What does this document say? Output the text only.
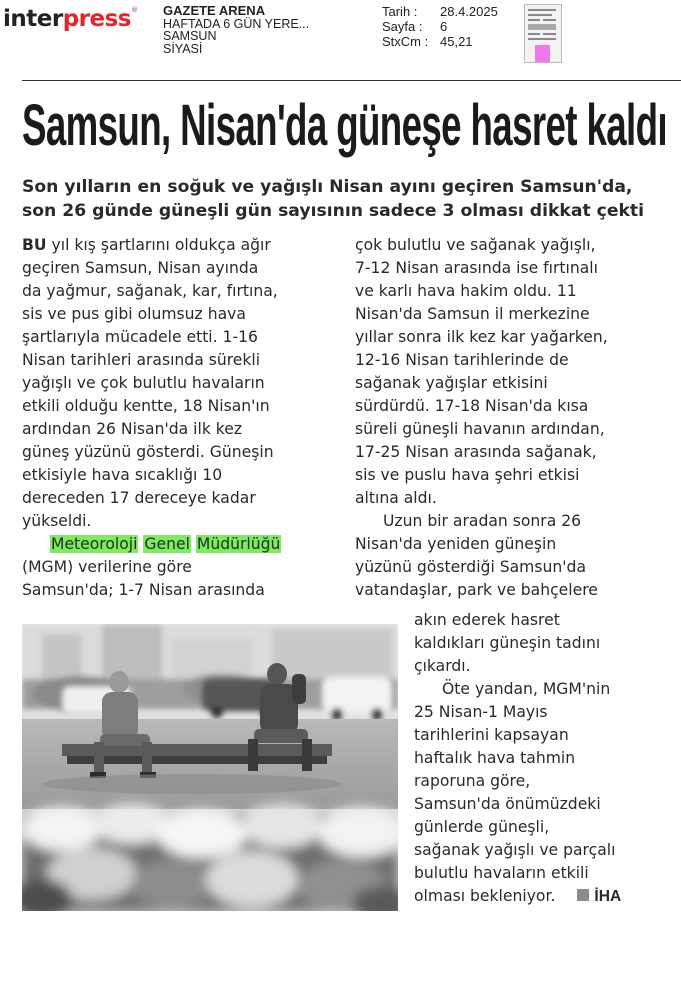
interpress® GAZETE ARENA
HAFTADA 6 GÜN YERE...
SAMSUN
SİYASİ
Tarih :	28.4.2025
Sayfa :	6
StxCm : 45,21
Samsun, Nisan'da güneşe hasret kaldı
Son yılların en soğuk ve yağışlı Nisan ayını geçiren Samsun'da,
son 26 günde güneşli gün sayısının sadece 3 olması dikkat çekti
BU yıl kış şartlarını oldukça ağır
geçiren Samsun, Nisan ayında
da yağmur, sağanak, kar, fırtına,
sis ve pus gibi olumsuz hava
şartlarıyla mücadele etti. 1-16
Nisan tarihleri arasında sürekli
yağışlı ve çok bulutlu havaların
etkili olduğu kentte, 18 Nisan'ın
ardından 26 Nisan'da ilk kez
güneş yüzünü gösterdi. Güneşin
etkisiyle hava sıcaklığı 10
dereceden 17 dereceye kadar
yükseldi.
Meteoroloji Genel Müdürlüğü
(MGM) verilerine göre
Samsun'da; 1-7 Nisan arasında
çok bulutlu ve sağanak yağışlı,
7-12 Nisan arasında ise fırtınalı
ve karlı hava hakim oldu. 11
Nisan'da Samsun il merkezine
yıllar sonra ilk kez kar yağarken,
12-16 Nisan tarihlerinde de
sağanak yağışlar etkisini
sürdürdü. 17-18 Nisan'da kısa
süreli güneşli havanın ardından,
17-25 Nisan arasında sağanak,
sis ve puslu hava şehri etkisi
altına aldı.
Uzun bir aradan sonra 26
Nisan'da yeniden güneşin
yüzünü gösterdiği Samsun'da
vatandaşlar, park ve bahçelere
akın ederek hasret
kaldıkları güneşin tadını
çıkardı.
Öte yandan, MGM'nin
25 Nisan-1 Mayıs
tarihlerini kapsayan
haftalık hava tahmin
raporuna göre,
Samsun'da önümüzdeki
günlerde güneşli,
sağanak yağışlı ve parçalı
bulutlu havaların etkili
olması bekleniyor.	İHA
